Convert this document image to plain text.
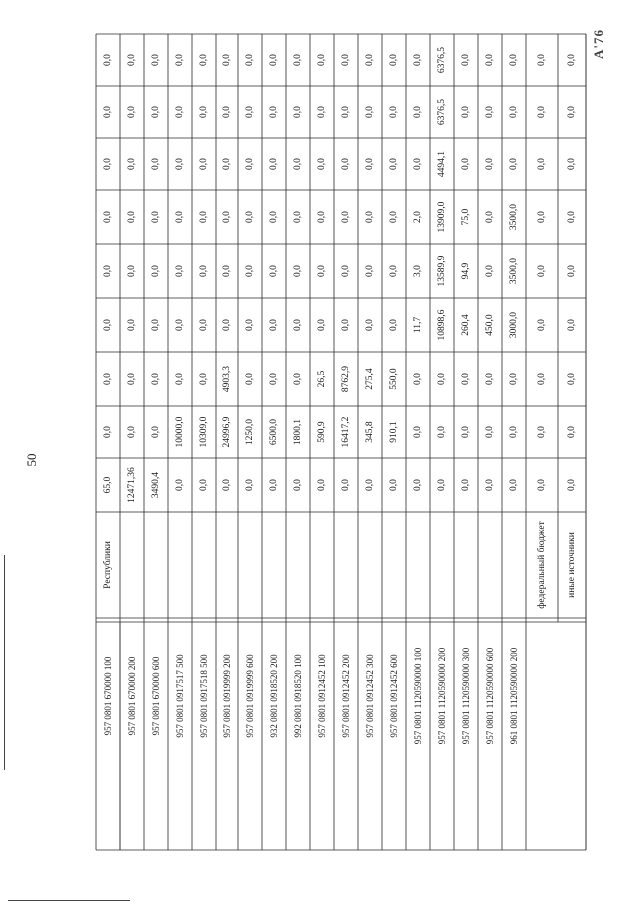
50
А'76
Республики
65,0
0,0
0,0
0,0
0,0
0,0
0,0
0,0
0,0
957 0801 670000 100
12471,36
0,0
0,0
0,0
0,0
0,0
0,0
0,0
0,0
957 0801 670000 200
3490,4
0,0
0,0
0,0
0,0
0,0
0,0
0,0
0,0
957 0801 670000 600
0,0
10000,0
0,0
0,0
0,0
0,0
0,0
0,0
0,0
957 0801 0917517 500
0,0
10309,0
0,0
0,0
0,0
0,0
0,0
0,0
0,0
957 0801 0917518 500
0,0
24996,9
4903,3
0,0
0,0
0,0
0,0
0,0
0,0
957 0801 0919999 200
0,0
1250,0
0,0
0,0
0,0
0,0
0,0
0,0
0,0
957 0801 0919999 600
0,0
6500,0
0,0
0,0
0,0
0,0
0,0
0,0
0,0
932 0801 0918520 200
0,0
1800,1
0,0
0,0
0,0
0,0
0,0
0,0
0,0
992 0801 0918520 100
0,0
590,9
26,5
0,0
0,0
0,0
0,0
0,0
0,0
957 0801 0912452 100
0,0
16417,2
8762,9
0,0
0,0
0,0
0,0
0,0
0,0
957 0801 0912452 200
0,0
345,8
275,4
0,0
0,0
0,0
0,0
0,0
0,0
957 0801 0912452 300
0,0
910,1
550,0
0,0
0,0
0,0
0,0
0,0
0,0
957 0801 0912452 600
0,0
0,0
0,0
11,7
3,0
2,0
0,0
0,0
0,0
957 0801 1120590000 100
0,0
0,0
0,0
10898,6
13589,9
13909,0
4494,1
6376,5
6376,5
957 0801 1120590000 200
0,0
0,0
0,0
260,4
94,9
75,0
0,0
0,0
0,0
957 0801 1120590000 300
0,0
0,0
0,0
450,0
0,0
0,0
0,0
0,0
0,0
957 0801 1120590000 600
0,0
0,0
0,0
3000,0
3500,0
3500,0
0,0
0,0
0,0
961 0801 1120590000 200
0,0
0,0
0,0
0,0
0,0
0,0
0,0
0,0
0,0
федеральный бюджет
0,0
0,0
0,0
0,0
0,0
0,0
0,0
0,0
0,0
иные источники
